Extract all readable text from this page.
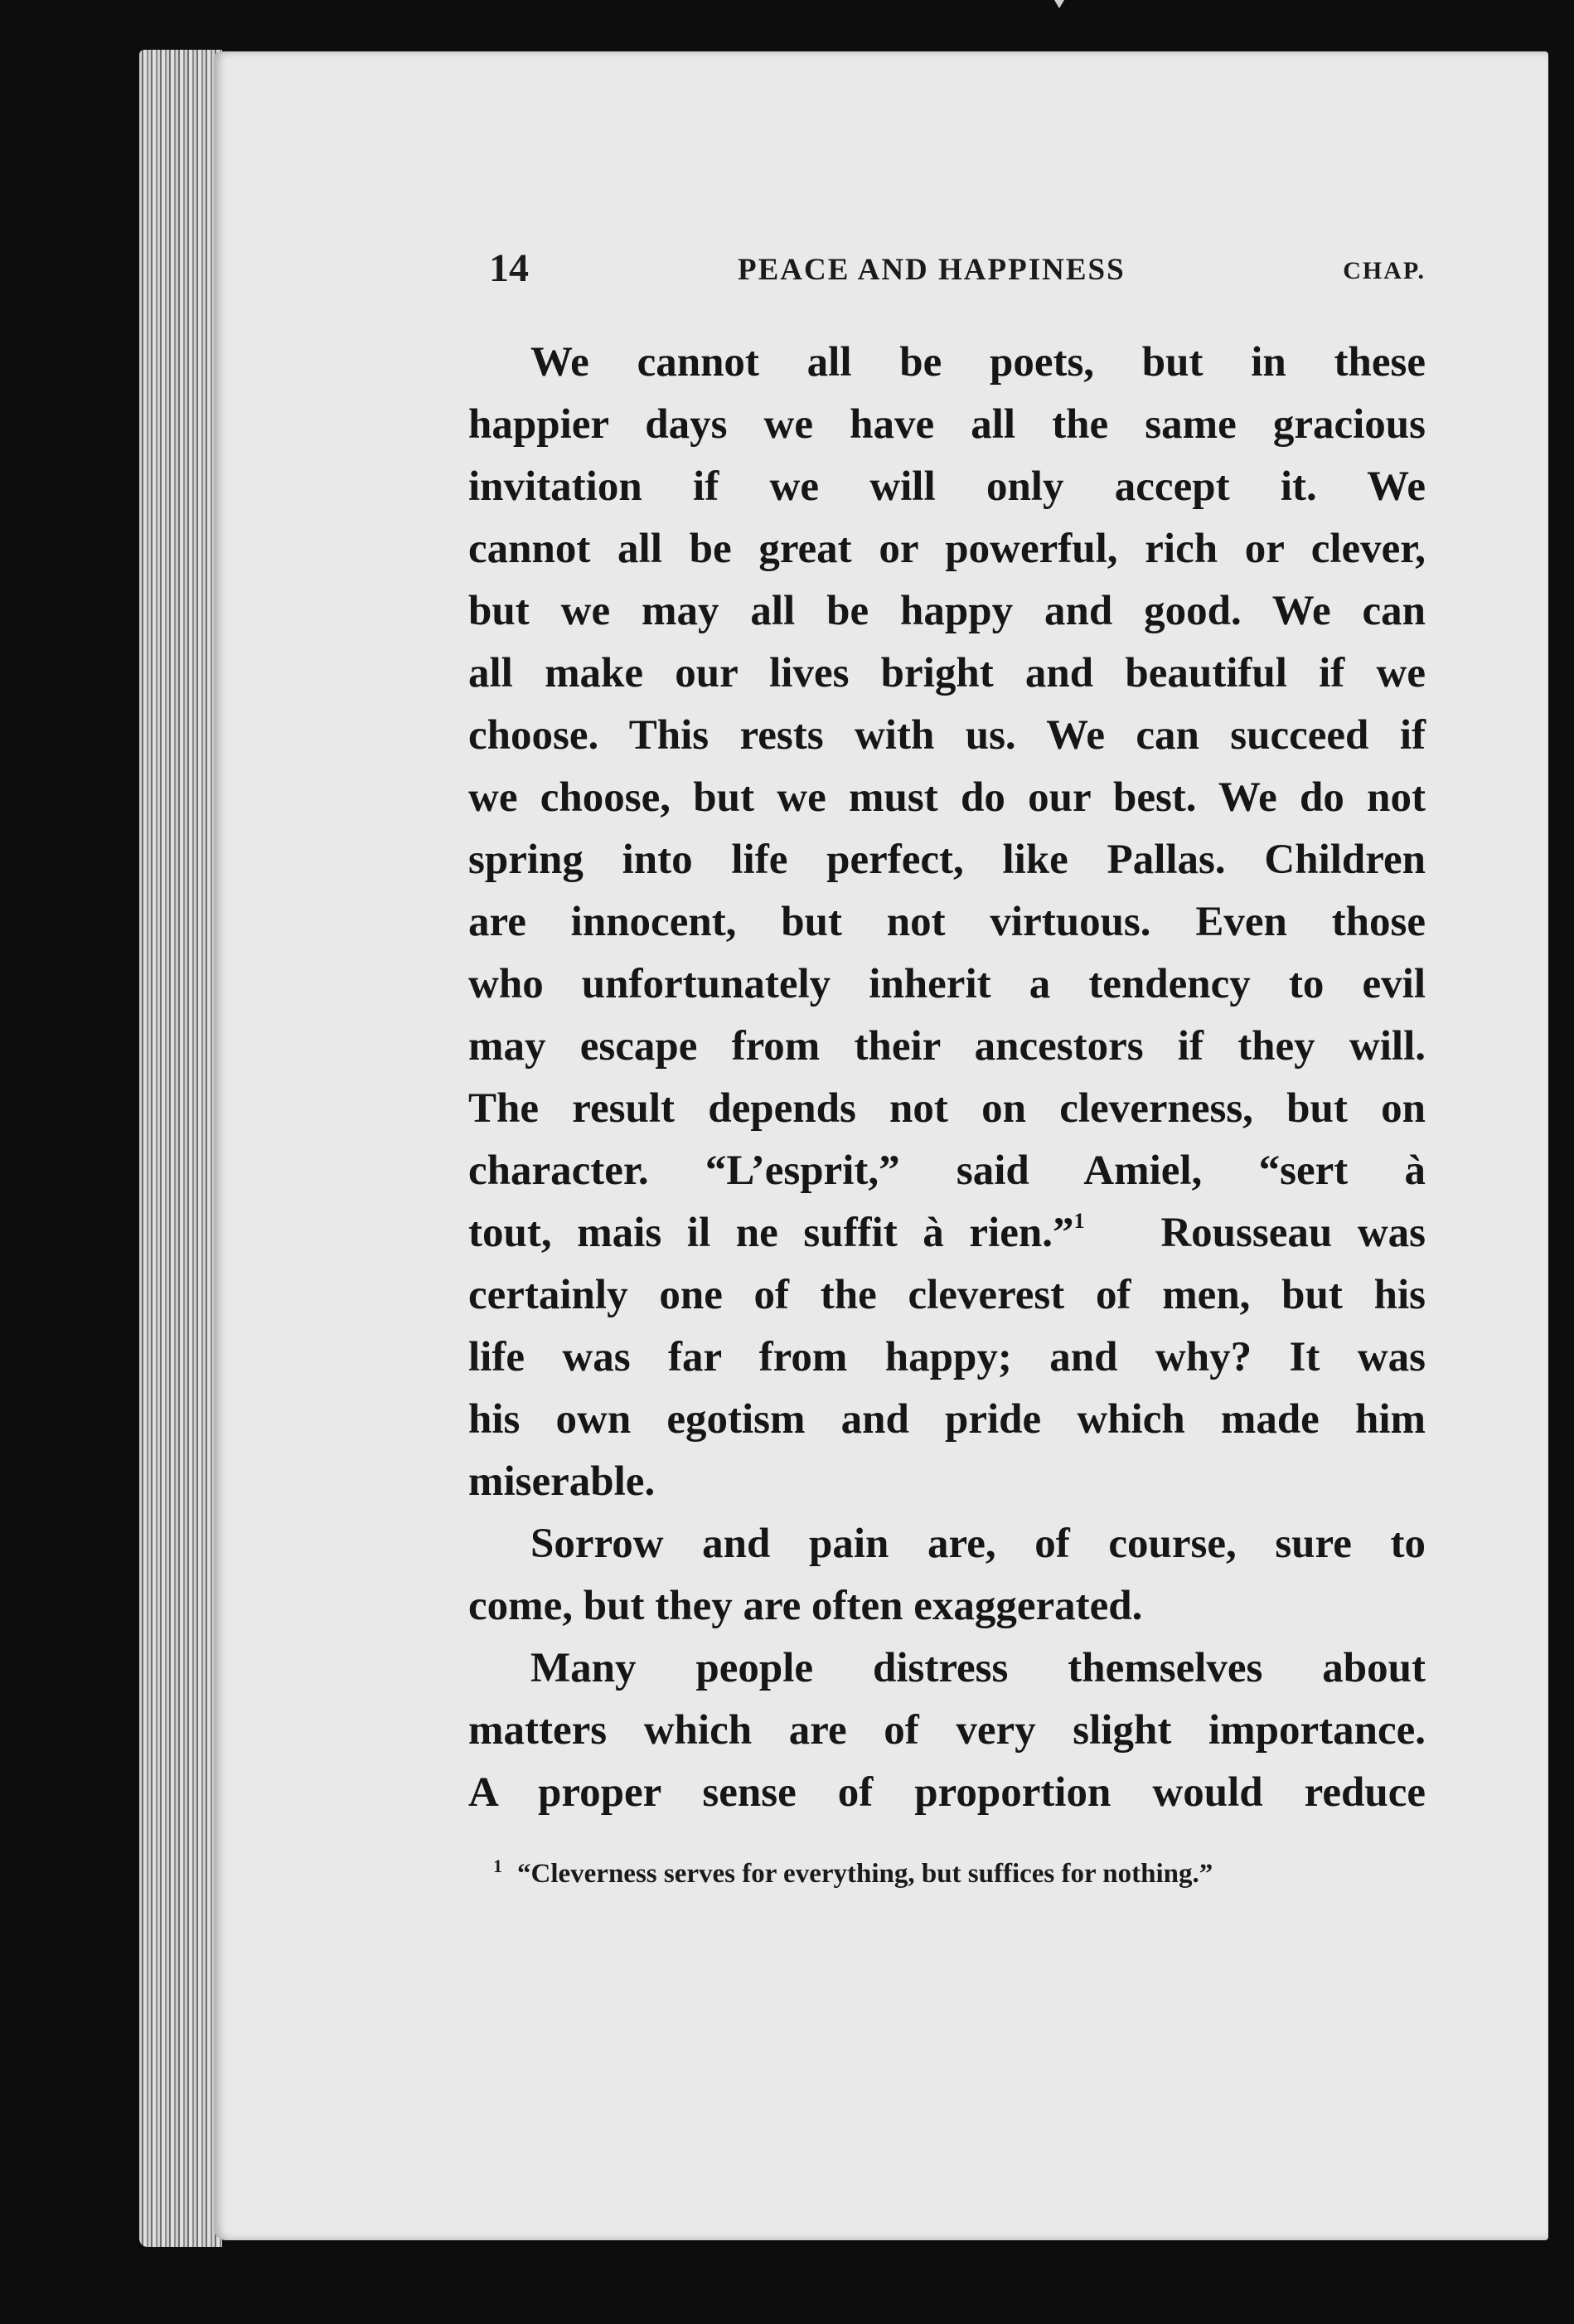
14	PEACE AND HAPPINESS	CHAP.
We cannot all be poets, but in these
happier days we have all the same gracious
invitation if we will only accept it. We
cannot all be great or powerful, rich or clever,
but we may all be happy and good. We can
all make our lives bright and beautiful if we
choose. This rests with us. We can succeed if
we choose, but we must do our best. We do not
spring into life perfect, like Pallas. Children
are innocent, but not virtuous. Even those
who unfortunately inherit a tendency to evil
may escape from their ancestors if they will.
The result depends not on cleverness, but on
character. “L’esprit,” said Amiel, “sert à
tout, mais il ne suffit à rien.”$^1$ Rousseau was
certainly one of the cleverest of men, but his
life was far from happy; and why? It was
his own egotism and pride which made him
miserable.
Sorrow and pain are, of course, sure to
come, but they are often exaggerated.
Many people distress themselves about
matters which are of very slight importance.
A proper sense of proportion would reduce
$^1$ “Cleverness serves for everything, but suffices for nothing.”
